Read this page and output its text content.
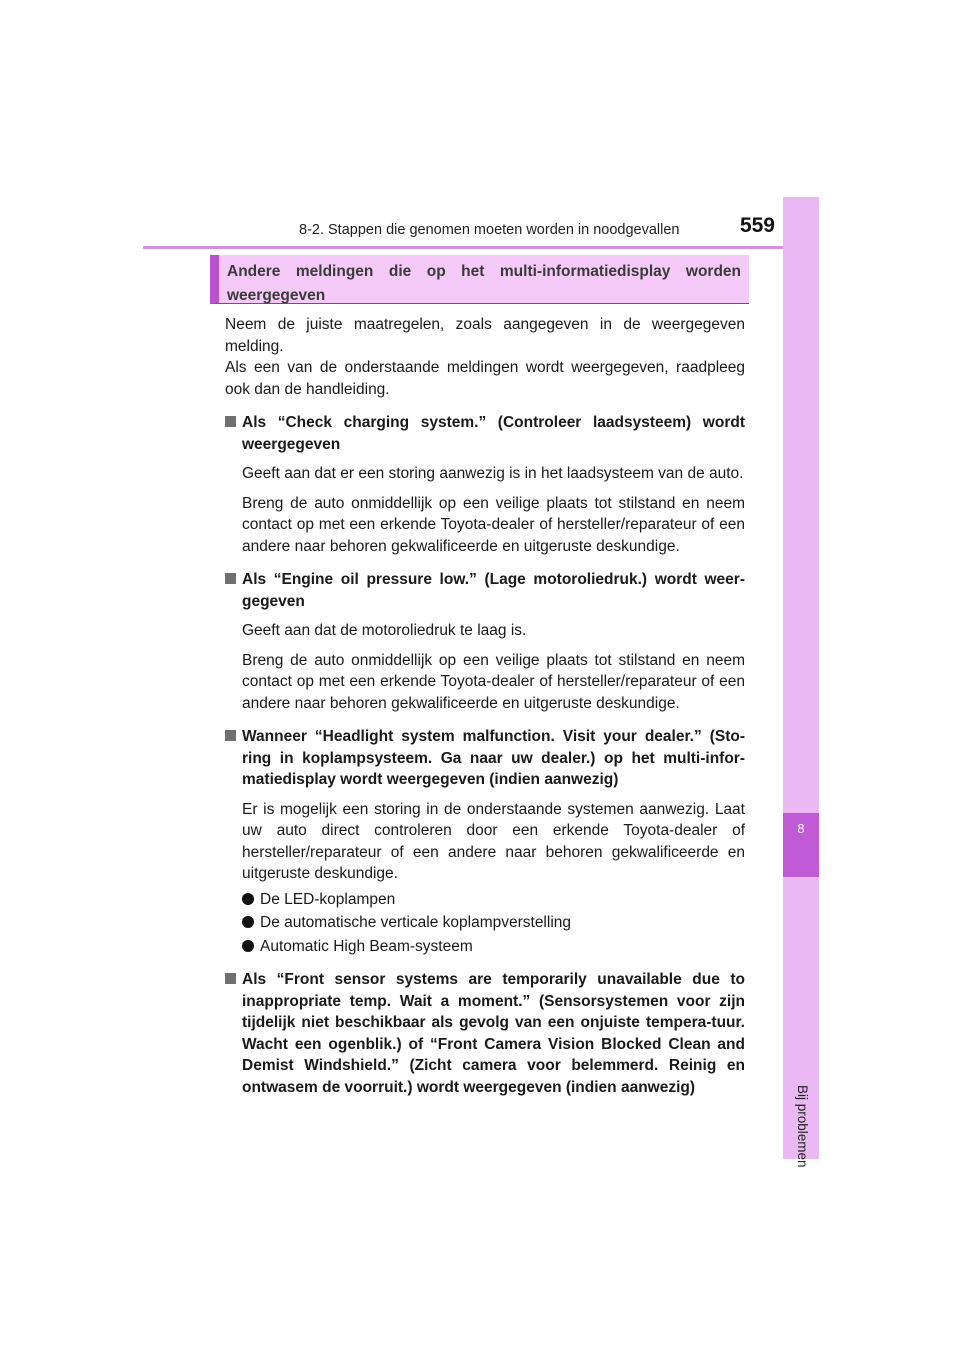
8-2. Stappen die genomen moeten worden in noodgevallen	559
8
Bij problemen
Andere meldingen die op het multi-informatiedisplay worden weergegeven

Neem de juiste maatregelen, zoals aangegeven in de weergegeven melding.

Als een van de onderstaande meldingen wordt weergegeven, raadpleeg ook dan de handleiding.

Als “Check charging system.” (Controleer laadsysteem) wordt weergegeven

Geeft aan dat er een storing aanwezig is in het laadsysteem van de auto.

Breng de auto onmiddellijk op een veilige plaats tot stilstand en neem contact op met een erkende Toyota-dealer of hersteller/reparateur of een andere naar behoren gekwalificeerde en uitgeruste deskundige.

Als “Engine oil pressure low.” (Lage motoroliedruk.) wordt weer-gegeven

Geeft aan dat de motoroliedruk te laag is.

Breng de auto onmiddellijk op een veilige plaats tot stilstand en neem contact op met een erkende Toyota-dealer of hersteller/reparateur of een andere naar behoren gekwalificeerde en uitgeruste deskundige.

Wanneer “Headlight system malfunction. Visit your dealer.” (Sto-ring in koplampsysteem. Ga naar uw dealer.) op het multi-infor-matiedisplay wordt weergegeven (indien aanwezig)

Er is mogelijk een storing in de onderstaande systemen aanwezig. Laat uw auto direct controleren door een erkende Toyota-dealer of hersteller/reparateur of een andere naar behoren gekwalificeerde en uitgeruste deskundige.

De LED-koplampen
De automatische verticale koplampverstelling
Automatic High Beam-systeem
Als “Front sensor systems are temporarily unavailable due to inappropriate temp. Wait a moment.” (Sensorsystemen voor zijn tijdelijk niet beschikbaar als gevolg van een onjuiste tempera-tuur. Wacht een ogenblik.) of “Front Camera Vision Blocked Clean and Demist Windshield.” (Zicht camera voor belemmerd. Reinig en ontwasem de voorruit.) wordt weergegeven (indien aanwezig)
